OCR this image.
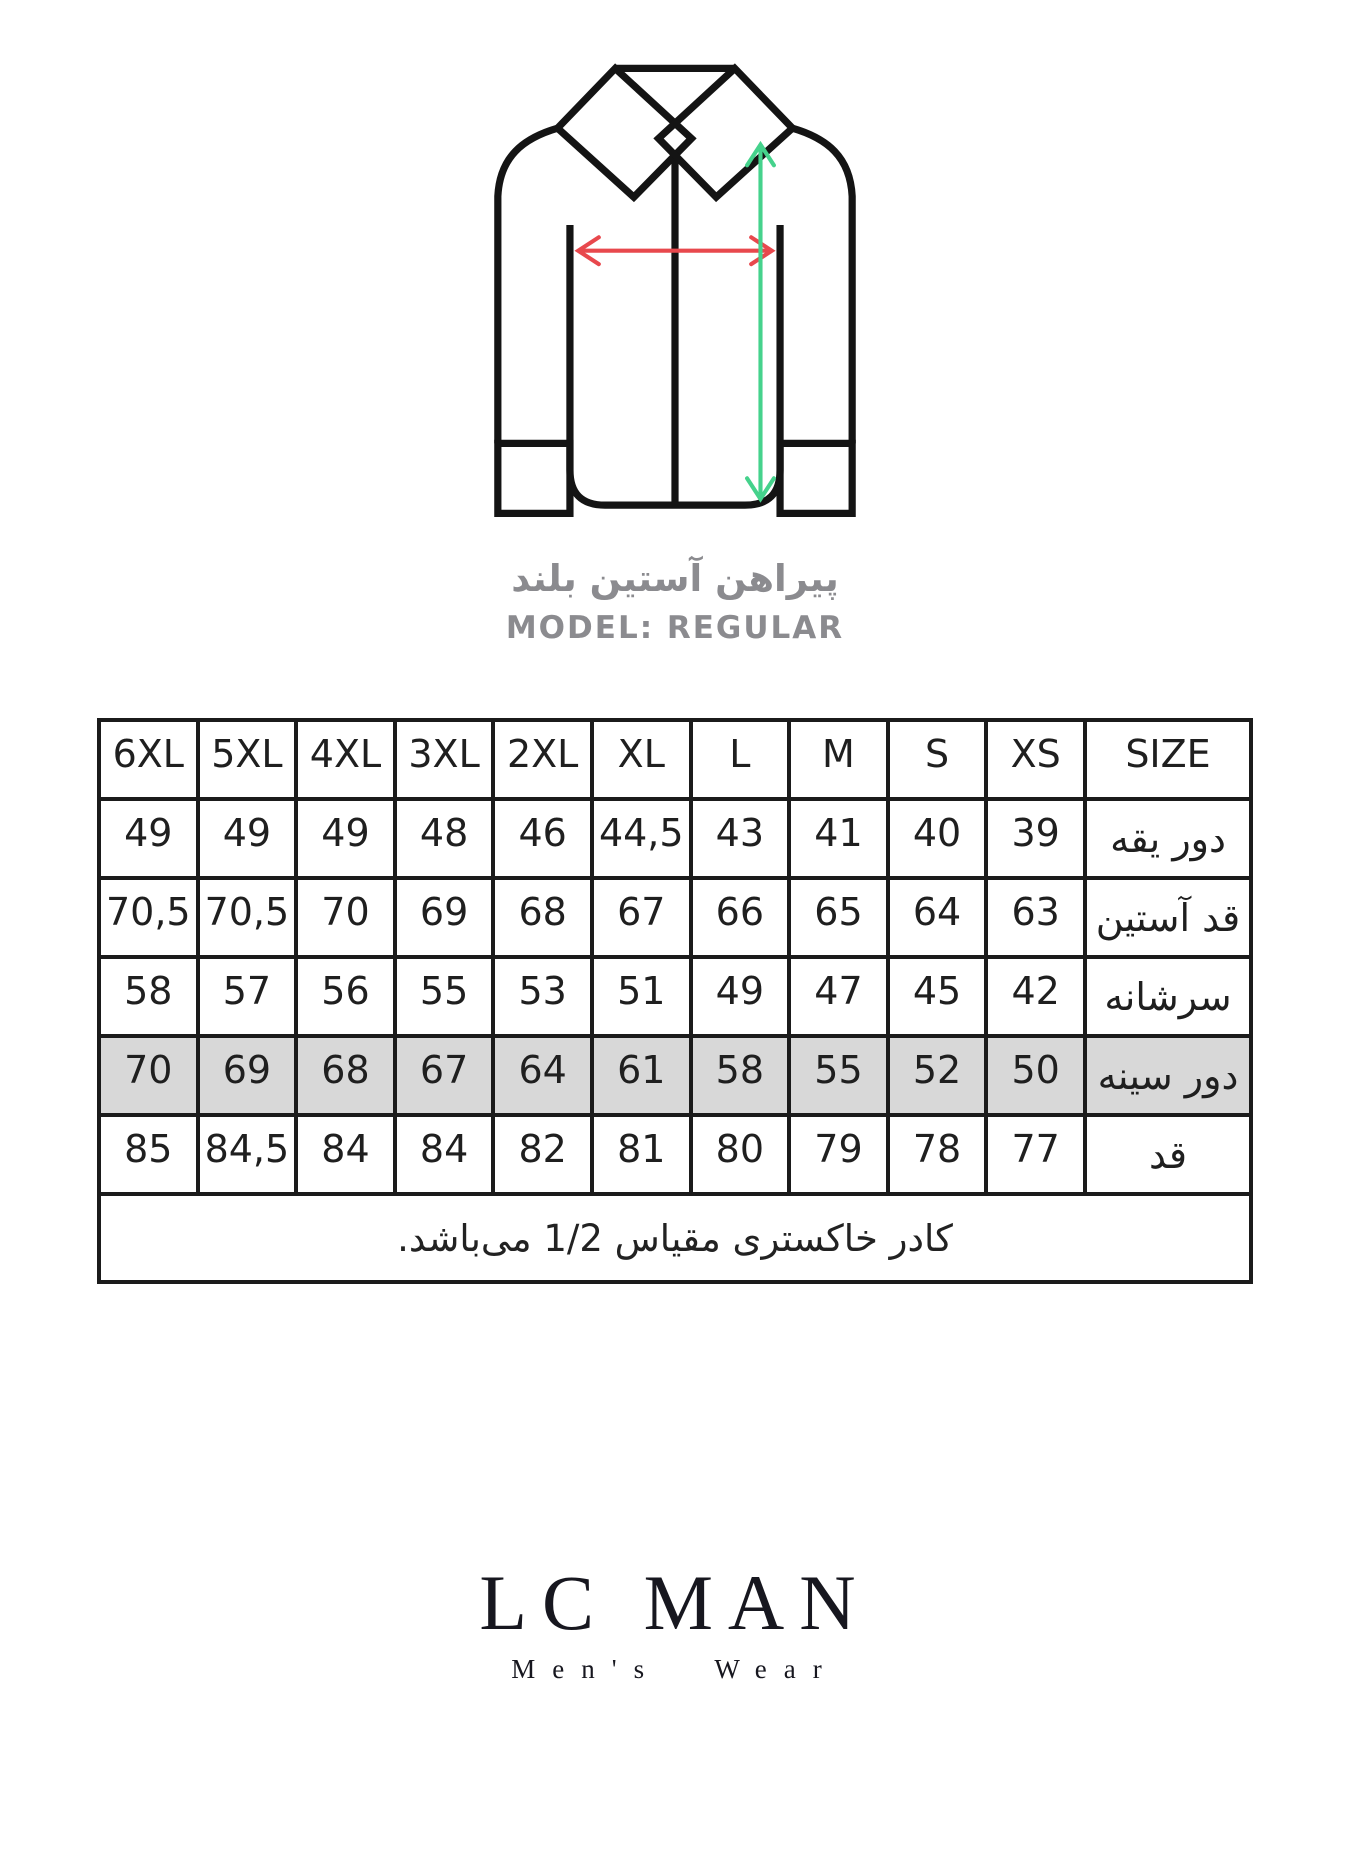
پیراهن آستین بلند
MODEL: REGULAR
6XL	5XL	4XL	3XL	2XL	XL	L	M	S	XS	SIZE
49	49	49	48	46	44,5	43	41	40	39	دور یقه
70,5	70,5	70	69	68	67	66	65	64	63	قد آستین
58	57	56	55	53	51	49	47	45	42	سرشانه
70	69	68	67	64	61	58	55	52	50	دور سینه
85	84,5	84	84	82	81	80	79	78	77	قد
کادر خاکستری مقیاس 1/2 می‌باشد.										
LC MAN
Men's Wear
